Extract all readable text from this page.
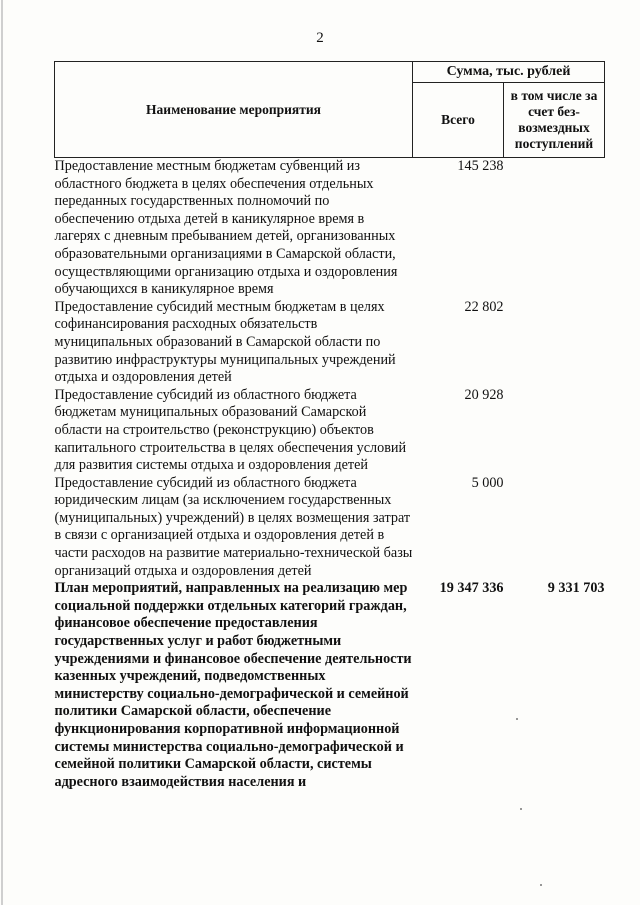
2
Наименование мероприятия	Сумма, тыс. рублей	
	Всего	в том числе за счет без-возмездных поступлений
Предоставление местным бюджетам субвенций из областного бюджета в целях обеспечения отдельных переданных государственных полномочий по обеспечению отдыха детей в каникулярное время в лагерях с дневным пребыванием детей, организованных образовательными организациями в Самарской области, осуществляющими организацию отдыха и оздоровления обучающихся в каникулярное время	145 238	
Предоставление субсидий местным бюджетам в целях софинансирования расходных обязательств муниципальных образований в Самарской области по развитию инфраструктуры муниципальных учреждений отдыха и оздоровления детей	22 802	
Предоставление субсидий из областного бюджета бюджетам муниципальных образований Самарской области на строительство (реконструкцию) объектов капитального строительства в целях обеспечения условий для развития системы отдыха и оздоровления детей	20 928	
Предоставление субсидий из областного бюджета юридическим лицам (за исключением государственных (муниципальных) учреждений) в целях возмещения затрат в связи с организацией отдыха и оздоровления детей в части расходов на развитие материально-технической базы организаций отдыха и оздоровления детей	5 000	
План мероприятий, направленных на реализацию мер социальной поддержки отдельных категорий граждан, финансовое обеспечение предоставления государственных услуг и работ бюджетными учреждениями и финансовое обеспечение деятельности казенных учреждений, подведомственных министерству социально-демографической и семейной политики Самарской области, обеспечение функционирования корпоративной информационной системы министерства социально-демографической и семейной политики Самарской области, системы адресного взаимодействия населения и	19 347 336	9 331 703
